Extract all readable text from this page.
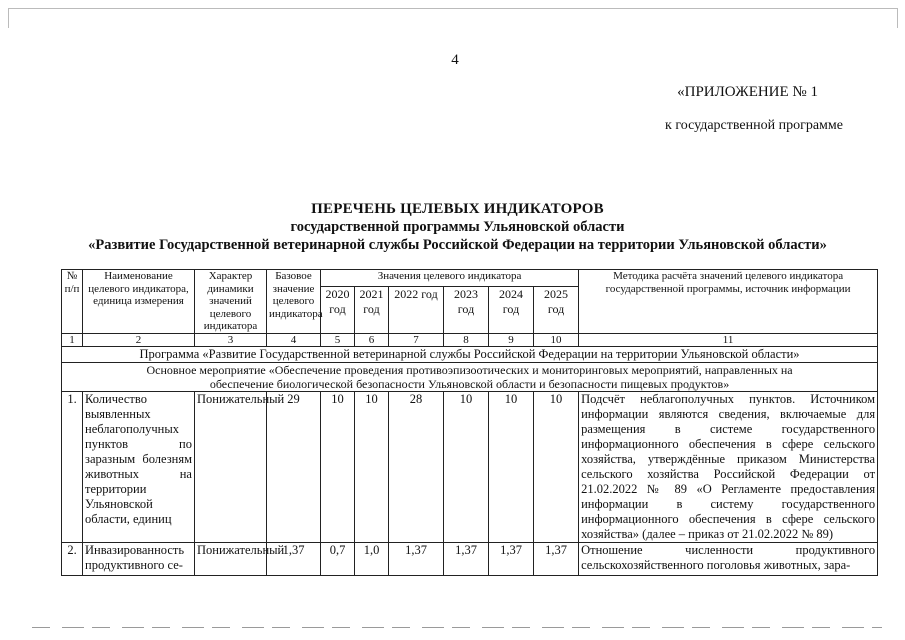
4
«ПРИЛОЖЕНИЕ № 1
к государственной программе
ПЕРЕЧЕНЬ ЦЕЛЕВЫХ ИНДИКАТОРОВ
государственной программы Ульяновской области
«Развитие Государственной ветеринарной службы Российской Федерации на территории Ульяновской области»
№ п/п	Наименование целевого индикатора, единица измерения	Характер динамики значений целевого индикатора	Базовое значение целевого индикатора	Значения целевого индикатора						Методика расчёта значений целевого индикатора государственной программы, источник информации
				2020 год	2021 год	2022 год	2023 год	2024 год	2025 год	
1	2	3	4	5	6	7	8	9	10	11
Программа «Развитие Государственной ветеринарной службы Российской Федерации на территории Ульяновской области»										
Основное мероприятие «Обеспечение проведения противоэпизоотических и мониторинговых мероприятий, направленных на обеспечение биологической безопасности Ульяновской области и безопасности пищевых продуктов»										
1.	Количество выявленных неблагополучных пунктов по заразным болезням животных на территории Ульяновской области, единиц	Понижательный	29	10	10	28	10	10	10	Подсчёт неблагополучных пунктов. Источником информации являются сведения, включаемые для размещения в системе государственного информационного обеспечения в сфере сельского хозяйства, утверждённые приказом Министерства сельского хозяйства Российской Федерации от 21.02.2022 № 89 «О Регламенте предоставления информации в систему государственного информационного обеспечения в сфере сельского хозяйства» (далее – приказ от 21.02.2022 № 89)
2.	Инвазированность продуктивного се-	Понижательный	1,37	0,7	1,0	1,37	1,37	1,37	1,37	Отношение численности продуктивного сельскохозяйственного поголовья животных, зара-
